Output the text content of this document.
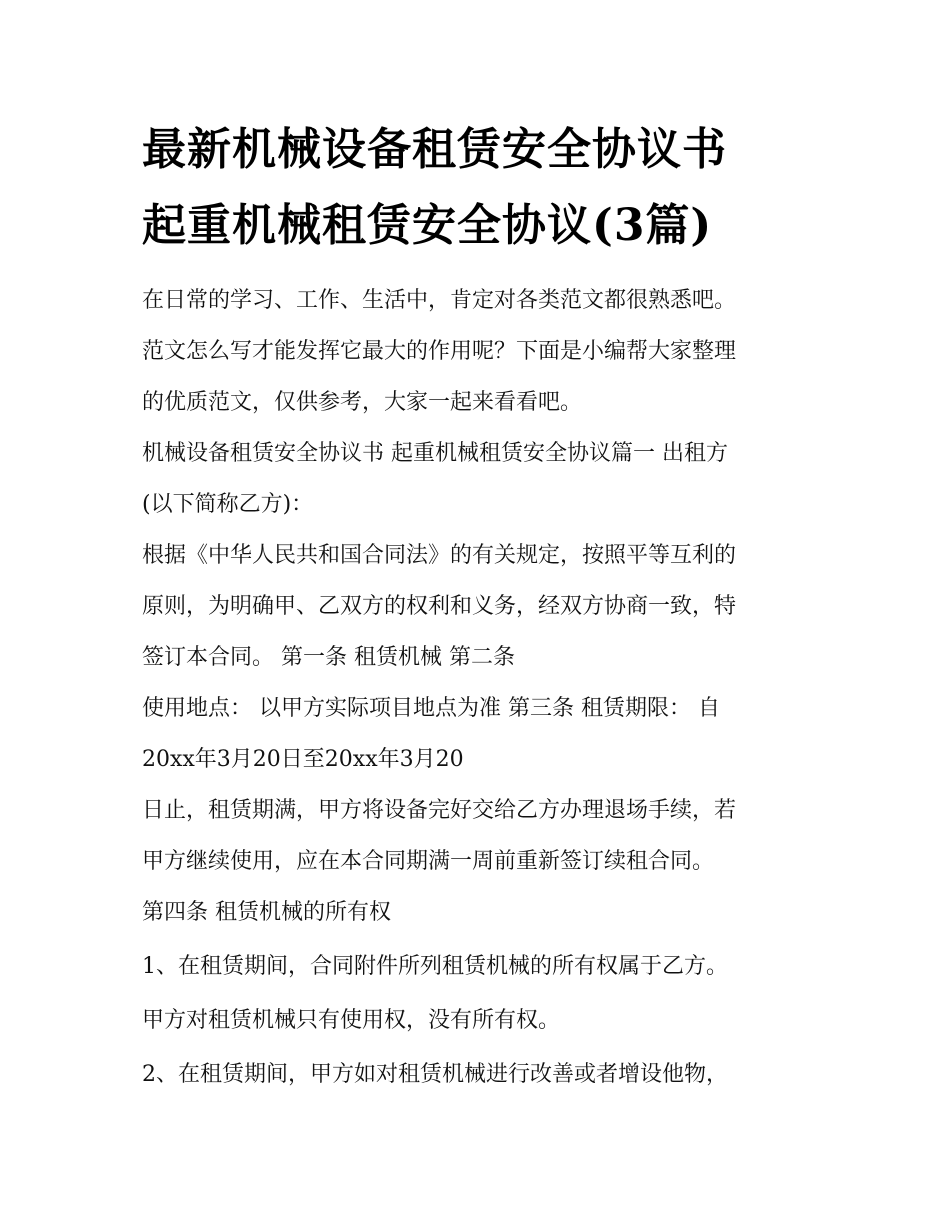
最新机械设备租赁安全协议书
起重机械租赁安全协议(3篇)
在日常的学习、工作、生活中，肯定对各类范文都很熟悉吧。
范文怎么写才能发挥它最大的作用呢？下面是小编帮大家整理
的优质范文，仅供参考，大家一起来看看吧。
机械设备租赁安全协议书 起重机械租赁安全协议篇一 出租方
(以下简称乙方)：
根据《中华人民共和国合同法》的有关规定，按照平等互利的
原则，为明确甲、乙双方的权利和义务，经双方协商一致，特
签订本合同。 第一条 租赁机械 第二条
使用地点： 以甲方实际项目地点为准 第三条 租赁期限： 自
20xx年3月20日至20xx年3月20
日止，租赁期满，甲方将设备完好交给乙方办理退场手续，若
甲方继续使用，应在本合同期满一周前重新签订续租合同。
第四条 租赁机械的所有权
1、在租赁期间，合同附件所列租赁机械的所有权属于乙方。
甲方对租赁机械只有使用权，没有所有权。
2、在租赁期间，甲方如对租赁机械进行改善或者增设他物，
